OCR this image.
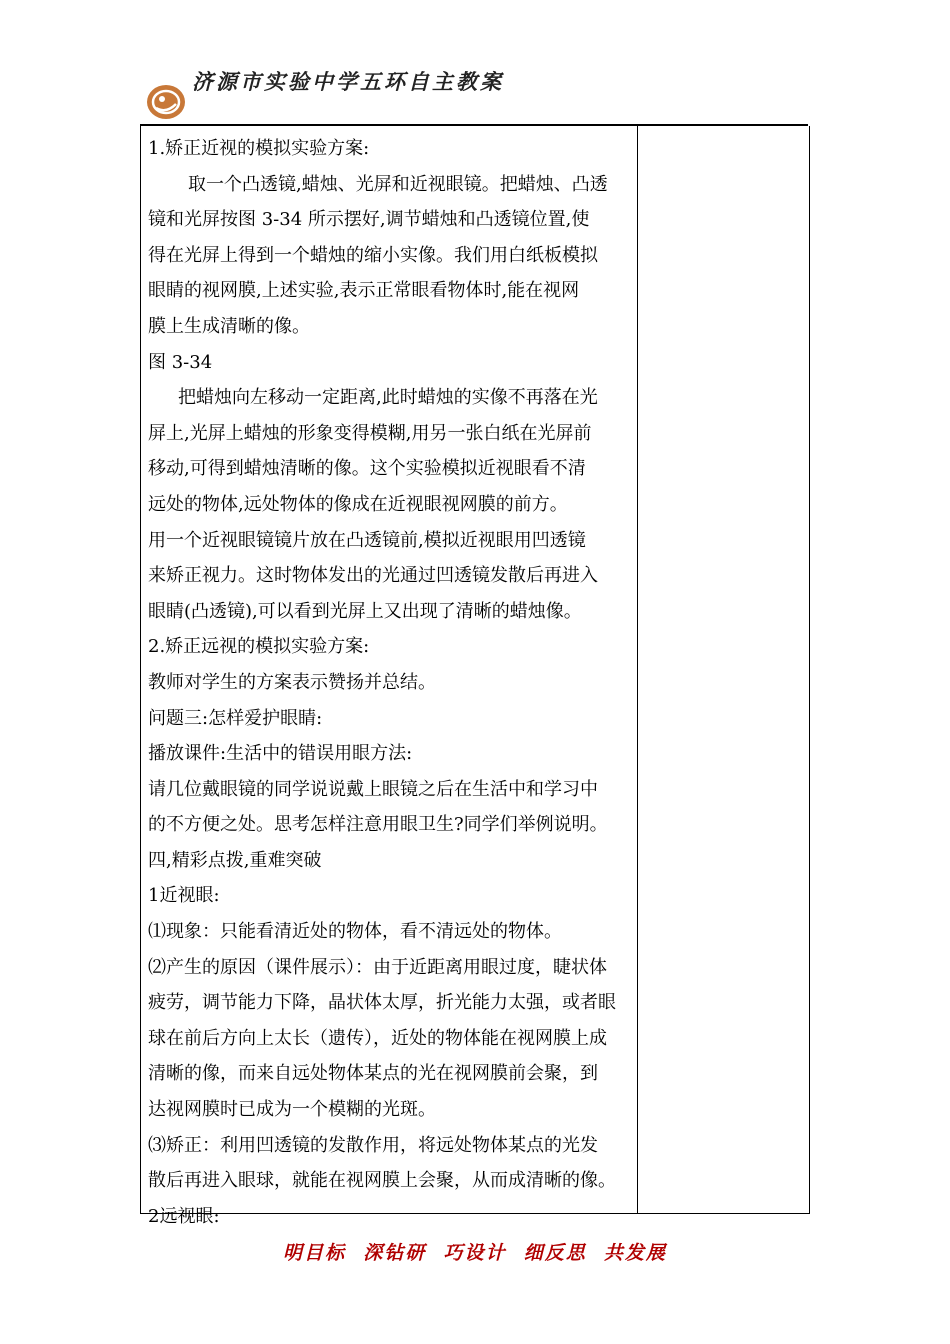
济源市实验中学五环自主教案
1.矫正近视的模拟实验方案:
取一个凸透镜,蜡烛、光屏和近视眼镜。把蜡烛、凸透
镜和光屏按图 3-34 所示摆好,调节蜡烛和凸透镜位置,使
得在光屏上得到一个蜡烛的缩小实像。我们用白纸板模拟
眼睛的视网膜,上述实验,表示正常眼看物体时,能在视网
膜上生成清晰的像。
图 3-34
把蜡烛向左移动一定距离,此时蜡烛的实像不再落在光
屏上,光屏上蜡烛的形象变得模糊,用另一张白纸在光屏前
移动,可得到蜡烛清晰的像。这个实验模拟近视眼看不清
远处的物体,远处物体的像成在近视眼视网膜的前方。
用一个近视眼镜镜片放在凸透镜前,模拟近视眼用凹透镜
来矫正视力。这时物体发出的光通过凹透镜发散后再进入
眼睛(凸透镜),可以看到光屏上又出现了清晰的蜡烛像。
2.矫正远视的模拟实验方案:
教师对学生的方案表示赞扬并总结。
问题三:怎样爱护眼睛:
播放课件:生活中的错误用眼方法:
请几位戴眼镜的同学说说戴上眼镜之后在生活中和学习中
的不方便之处。思考怎样注意用眼卫生?同学们举例说明。
四,精彩点拨,重难突破
1近视眼:
⑴现象：只能看清近处的物体，看不清远处的物体。
⑵产生的原因（课件展示）：由于近距离用眼过度，睫状体
疲劳，调节能力下降，晶状体太厚，折光能力太强，或者眼
球在前后方向上太长（遗传），近处的物体能在视网膜上成
清晰的像，而来自远处物体某点的光在视网膜前会聚，到
达视网膜时已成为一个模糊的光斑。
⑶矫正：利用凹透镜的发散作用，将远处物体某点的光发
散后再进入眼球，就能在视网膜上会聚，从而成清晰的像。
2远视眼:
明目标  深钻研  巧设计  细反思  共发展
